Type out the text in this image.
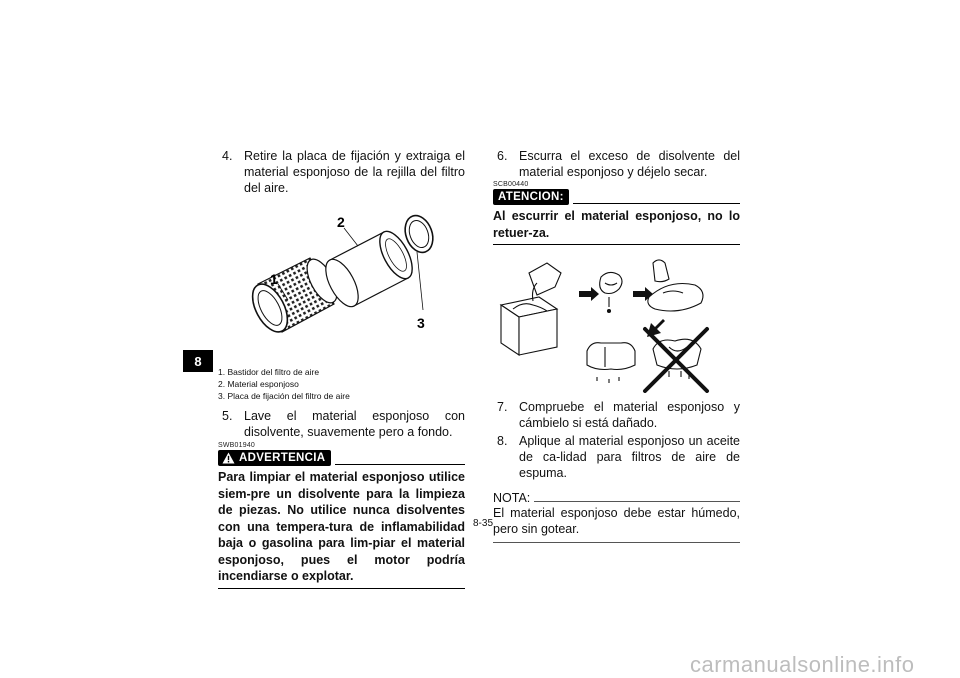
8
4. Retire la placa de fijación y extraiga el material esponjoso de la rejilla del filtro del aire.
1
2
3
1. Bastidor del filtro de aire
2. Material esponjoso
3. Placa de fijación del filtro de aire
5. Lave el material esponjoso con disolvente, suavemente pero a fondo.
SWB01940
ADVERTENCIA
Para limpiar el material esponjoso utilice siem-pre un disolvente para la limpieza de piezas. No utilice nunca disolventes con una tempera-tura de inflamabilidad baja o gasolina para lim-piar el material esponjoso, pues el motor podría incendiarse o explotar.
6. Escurra el exceso de disolvente del material esponjoso y déjelo secar.
SCB00440
ATENCION:
Al escurrir el material esponjoso, no lo retuer-za.
7. Compruebe el material esponjoso y cámbielo si está dañado.
8. Aplique al material esponjoso un aceite de ca-lidad para filtros de aire de espuma.
NOTA:
El material esponjoso debe estar húmedo, pero sin gotear.
8-35
carmanualsonline.info
